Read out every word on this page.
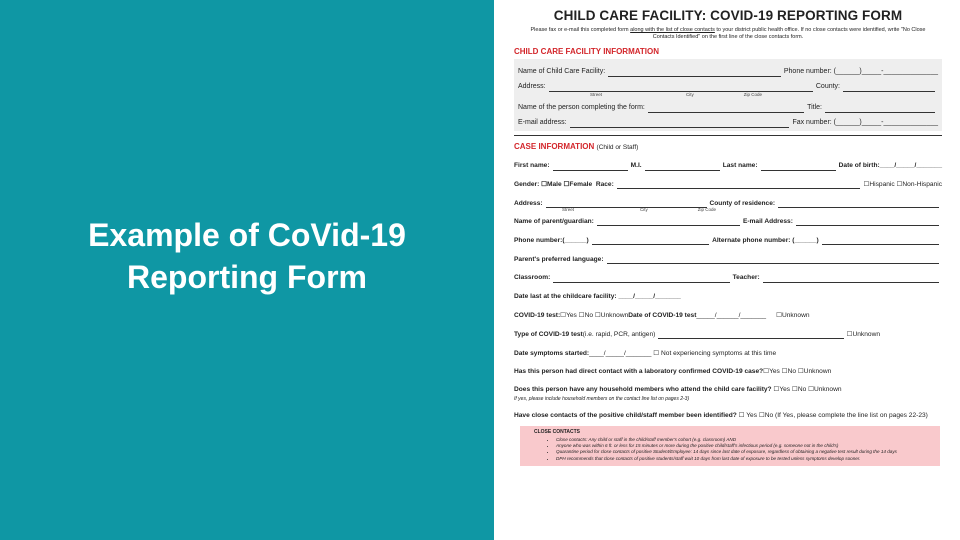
Example of CoVid-19 Reporting Form
CHILD CARE FACILITY: COVID-19 REPORTING FORM
Please fax or e-mail this completed form along with the list of close contacts to your district public health office. If no close contacts were identified, write "No Close Contacts Identified" on the first line of the close contacts form.
CHILD CARE FACILITY INFORMATION
Name of Child Care Facility:	Phone number: (______)_____-______________
Address:	County:
Street	City	Zip Code
Name of the person completing the form:	Title:
E-mail address:	Fax number: (______)_____-______________
CASE INFORMATION (Child or Staff)
First name:	M.I.	Last name:	Date of birth:____/_____/_______
Gender: ☐Male ☐Female
Race:	☐Hispanic ☐Non-Hispanic
Address:	County of residence:
Street	City	Zip Code
Name of parent/guardian:	E-mail Address:
Phone number:(______)	Alternate phone number: (______)
Parent's preferred language:
Classroom:	Teacher:
Date last at the childcare facility: ____/_____/_______
COVID-19 test: ☐Yes ☐No ☐Unknown Date of COVID-19 test _____/______/_______ ☐Unknown
Type of COVID-19 test (i.e. rapid, PCR, antigen)	☐Unknown
Date symptoms started: ____/_____/_______ ☐ Not experiencing symptoms at this time
Has this person had direct contact with a laboratory confirmed COVID-19 case? ☐Yes ☐No ☐Unknown
Does this person have any household members who attend the child care facility? ☐Yes ☐No ☐Unknown
If yes, please include household members on the contact line list on pages 2-3)
Have close contacts of the positive child/staff member been identified? ☐ Yes ☐No (If Yes, please complete the line list on pages 22-23)
CLOSE CONTACTS
• Close contacts: Any child or staff in the child/staff member's cohort (e.g. classroom) AND
• Anyone who was within 6 ft. or less for 15 minutes or more during the positive child/staff's infectious period (e.g. someone not in the child's)
• Quarantine period for close contacts of positive Student/Employee: 14 days since last date of exposure, regardless of obtaining a negative test result during the 14 days
• DPH recommends that close contacts of positive students/staff wait 10 days from last date of exposure to be tested unless symptoms develop sooner.
